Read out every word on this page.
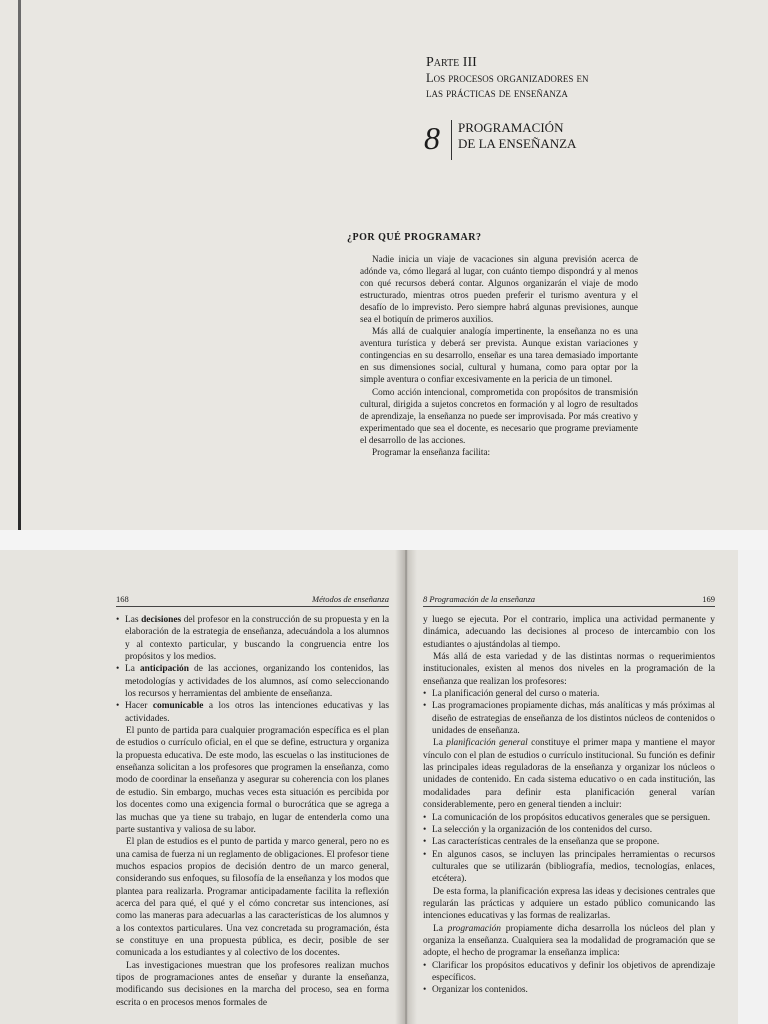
Parte III
Los procesos organizadores en
las prácticas de enseñanza
8 PROGRAMACIÓN
DE LA ENSEÑANZA
¿POR QUÉ PROGRAMAR?

Nadie inicia un viaje de vacaciones sin alguna previsión acerca de adónde va, cómo llegará al lugar, con cuánto tiempo dispondrá y al menos con qué recursos deberá contar. Algunos organizarán el viaje de modo estructurado, mientras otros pueden preferir el turismo aventura y el desafío de lo imprevisto. Pero siempre habrá algunas previsiones, aunque sea el botiquín de primeros auxilios.

Más allá de cualquier analogía impertinente, la enseñanza no es una aventura turística y deberá ser prevista. Aunque existan variaciones y contingencias en su desarrollo, enseñar es una tarea demasiado importante en sus dimensiones social, cultural y humana, como para optar por la simple aventura o confiar excesivamente en la pericia de un timonel.

Como acción intencional, comprometida con propósitos de transmisión cultural, dirigida a sujetos concretos en formación y al logro de resultados de aprendizaje, la enseñanza no puede ser improvisada. Por más creativo y experimentado que sea el docente, es necesario que programe previamente el desarrollo de las acciones.

Programar la enseñanza facilita:

168	Métodos de enseñanza
• Las decisiones del profesor en la construcción de su propuesta y en la elaboración de la estrategia de enseñanza, adecuándola a los alumnos y al contexto particular, y buscando la congruencia entre los propósitos y los medios.
• La anticipación de las acciones, organizando los contenidos, las metodologías y actividades de los alumnos, así como seleccionando los recursos y herramientas del ambiente de enseñanza.
• Hacer comunicable a los otros las intenciones educativas y las actividades.

El punto de partida para cualquier programación específica es el plan de estudios o currículo oficial, en el que se define, estructura y organiza la propuesta educativa. De este modo, las escuelas o las instituciones de enseñanza solicitan a los profesores que programen la enseñanza, como modo de coordinar la enseñanza y asegurar su coherencia con los planes de estudio. Sin embargo, muchas veces esta situación es percibida por los docentes como una exigencia formal o burocrática que se agrega a las muchas que ya tiene su trabajo, en lugar de entenderla como una parte sustantiva y valiosa de su labor.

El plan de estudios es el punto de partida y marco general, pero no es una camisa de fuerza ni un reglamento de obligaciones. El profesor tiene muchos espacios propios de decisión dentro de un marco general, considerando sus enfoques, su filosofía de la enseñanza y los modos que plantea para realizarla. Programar anticipadamente facilita la reflexión acerca del para qué, el qué y el cómo concretar sus intenciones, así como las maneras para adecuarlas a las características de los alumnos y a los contextos particulares. Una vez concretada su programación, ésta se constituye en una propuesta pública, es decir, posible de ser comunicada a los estudiantes y al colectivo de los docentes.

Las investigaciones muestran que los profesores realizan muchos tipos de programaciones antes de enseñar y durante la enseñanza, modificando sus decisiones en la marcha del proceso, sea en forma escrita o en procesos menos formales de

8 Programación de la enseñanza	169

y luego se ejecuta. Por el contrario, implica una actividad permanente y dinámica, adecuando las decisiones al proceso de intercambio con los estudiantes o ajustándolas al tiempo.

Más allá de esta variedad y de las distintas normas o requerimientos institucionales, existen al menos dos niveles en la programación de la enseñanza que realizan los profesores:

• La planificación general del curso o materia.
• Las programaciones propiamente dichas, más analíticas y más próximas al diseño de estrategias de enseñanza de los distintos núcleos de contenidos o unidades de enseñanza.

La planificación general constituye el primer mapa y mantiene el mayor vínculo con el plan de estudios o currículo institucional. Su función es definir las principales ideas reguladoras de la enseñanza y organizar los núcleos o unidades de contenido. En cada sistema educativo o en cada institución, las modalidades para definir esta planificación general varían considerablemente, pero en general tienden a incluir:

• La comunicación de los propósitos educativos generales que se persiguen.
• La selección y la organización de los contenidos del curso.
• Las características centrales de la enseñanza que se propone.
• En algunos casos, se incluyen las principales herramientas o recursos culturales que se utilizarán (bibliografía, medios, tecnologías, enlaces, etcétera).

De esta forma, la planificación expresa las ideas y decisiones centrales que regularán las prácticas y adquiere un estado público comunicando las intenciones educativas y las formas de realizarlas.

La programación propiamente dicha desarrolla los núcleos del plan y organiza la enseñanza. Cualquiera sea la modalidad de programación que se adopte, el hecho de programar la enseñanza implica:

• Clarificar los propósitos educativos y definir los objetivos de aprendizaje específicos.
• Organizar los contenidos.
